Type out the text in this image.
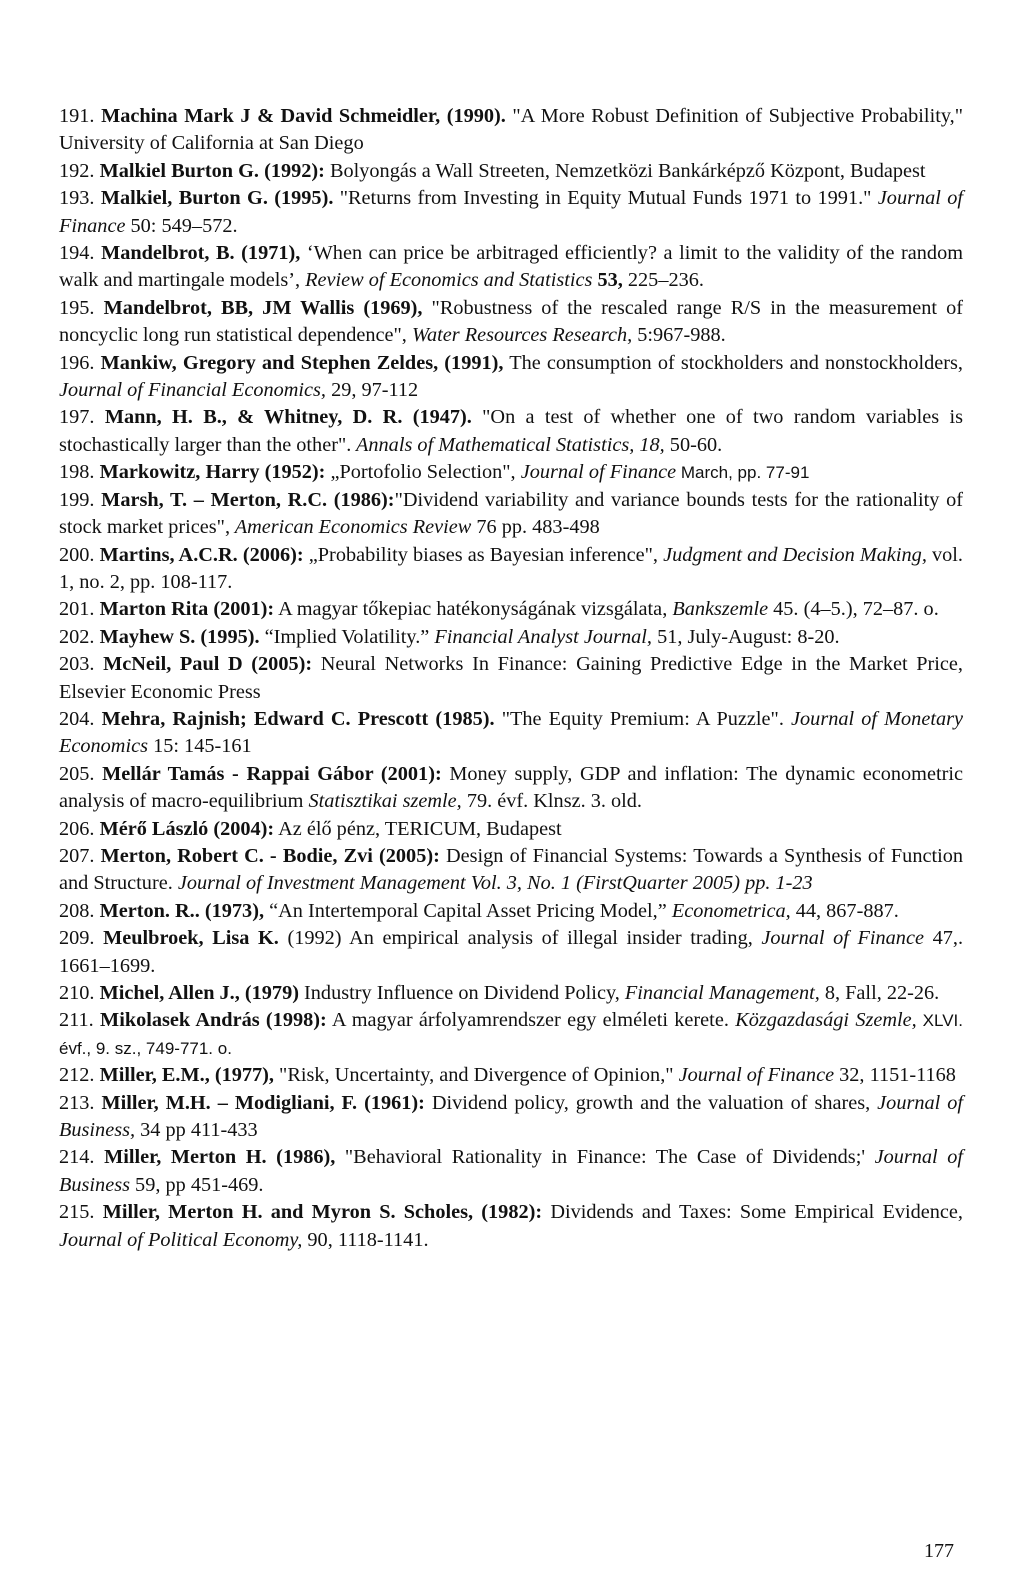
191. Machina Mark J & David Schmeidler, (1990). "A More Robust Definition of Subjective Probability," University of California at San Diego

192. Malkiel Burton G. (1992): Bolyongás a Wall Streeten, Nemzetközi Bankárképző Központ, Budapest

193. Malkiel, Burton G. (1995). "Returns from Investing in Equity Mutual Funds 1971 to 1991." Journal of Finance 50: 549–572.

194. Mandelbrot, B. (1971), ‘When can price be arbitraged efficiently? a limit to the validity of the random walk and martingale models’, Review of Economics and Statistics 53, 225–236.

195. Mandelbrot, BB, JM Wallis (1969), "Robustness of the rescaled range R/S in the measurement of noncyclic long run statistical dependence", Water Resources Research, 5:967-988.

196. Mankiw, Gregory and Stephen Zeldes, (1991), The consumption of stockholders and nonstockholders, Journal of Financial Economics, 29, 97-112

197. Mann, H. B., & Whitney, D. R. (1947). "On a test of whether one of two random variables is stochastically larger than the other". Annals of Mathematical Statistics, 18, 50-60.

198. Markowitz, Harry (1952): „Portofolio Selection", Journal of Finance March, pp. 77-91

199. Marsh, T. – Merton, R.C. (1986):"Dividend variability and variance bounds tests for the rationality of stock market prices", American Economics Review 76 pp. 483-498

200. Martins, A.C.R. (2006): „Probability biases as Bayesian inference", Judgment and Decision Making, vol. 1, no. 2, pp. 108-117.

201. Marton Rita (2001): A magyar tőkepiac hatékonyságának vizsgálata, Bankszemle 45. (4–5.), 72–87. o.

202. Mayhew S. (1995). “Implied Volatility.” Financial Analyst Journal, 51, July-August: 8-20.

203. McNeil, Paul D (2005): Neural Networks In Finance: Gaining Predictive Edge in the Market Price, Elsevier Economic Press

204. Mehra, Rajnish; Edward C. Prescott (1985). "The Equity Premium: A Puzzle". Journal of Monetary Economics 15: 145-161

205. Mellár Tamás - Rappai Gábor (2001): Money supply, GDP and inflation: The dynamic econometric analysis of macro-equilibrium Statisztikai szemle, 79. évf. Klnsz. 3. old.

206. Mérő László (2004): Az élő pénz, TERICUM, Budapest

207. Merton, Robert C. - Bodie, Zvi (2005): Design of Financial Systems: Towards a Synthesis of Function and Structure. Journal of Investment Management Vol. 3, No. 1 (FirstQuarter 2005) pp. 1-23

208. Merton. R.. (1973), “An Intertemporal Capital Asset Pricing Model,” Econometrica, 44, 867-887.

209. Meulbroek, Lisa K. (1992) An empirical analysis of illegal insider trading, Journal of Finance 47,. 1661–1699.

210. Michel, Allen J., (1979) Industry Influence on Dividend Policy, Financial Management, 8, Fall, 22-26.

211. Mikolasek András (1998): A magyar árfolyamrendszer egy elméleti kerete. Közgazdasági Szemle, XLVI. évf., 9. sz., 749-771. o.

212. Miller, E.M., (1977), "Risk, Uncertainty, and Divergence of Opinion," Journal of Finance 32, 1151-1168

213. Miller, M.H. – Modigliani, F. (1961): Dividend policy, growth and the valuation of shares, Journal of Business, 34 pp 411-433

214. Miller, Merton H. (1986), "Behavioral Rationality in Finance: The Case of Dividends;' Journal of Business 59, pp 451-469.

215. Miller, Merton H. and Myron S. Scholes, (1982): Dividends and Taxes: Some Empirical Evidence, Journal of Political Economy, 90, 1118-1141.

177
